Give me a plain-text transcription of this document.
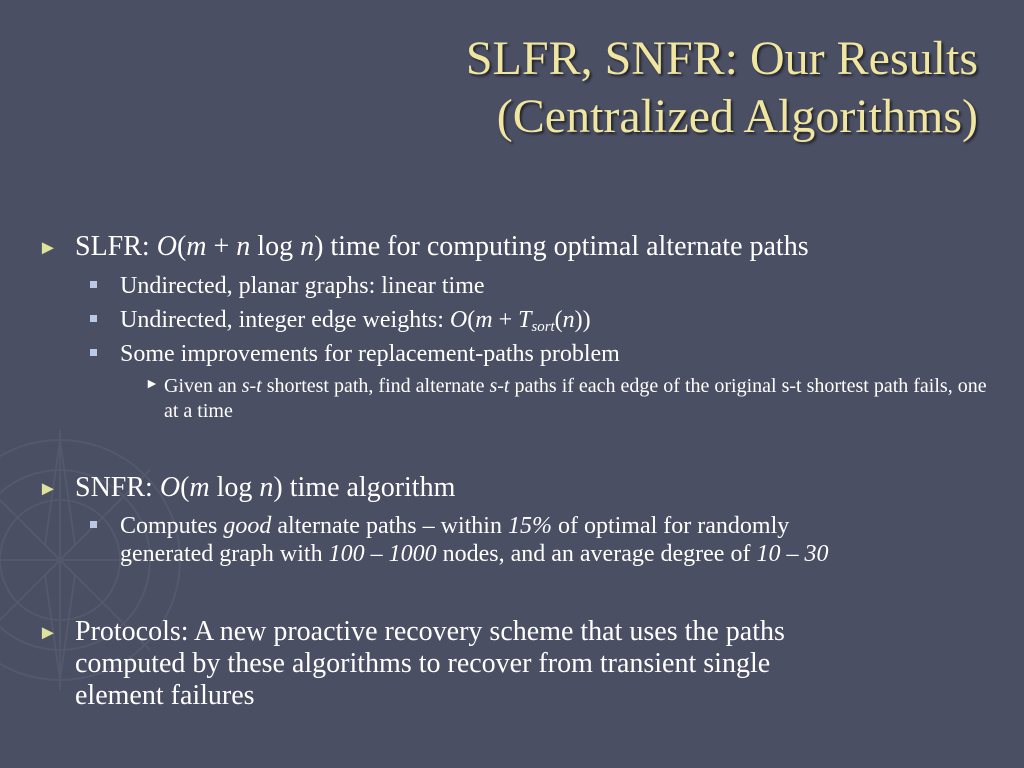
SLFR, SNFR: Our Results
(Centralized Algorithms)
► SLFR: O(m + n log n) time for computing optimal alternate paths
Undirected, planar graphs: linear time
Undirected, integer edge weights: $O(m + T_{sort}(n))$
Some improvements for replacement-paths problem
► Given an s-t shortest path, find alternate s-t paths if each edge of the original s-t shortest path fails, one at a time
► SNFR: O(m log n) time algorithm
Computes good alternate paths – within 15% of optimal for randomly
generated graph with 100 – 1000 nodes, and an average degree of 10 – 30
► Protocols: A new proactive recovery scheme that uses the paths
computed by these algorithms to recover from transient single
element failures
